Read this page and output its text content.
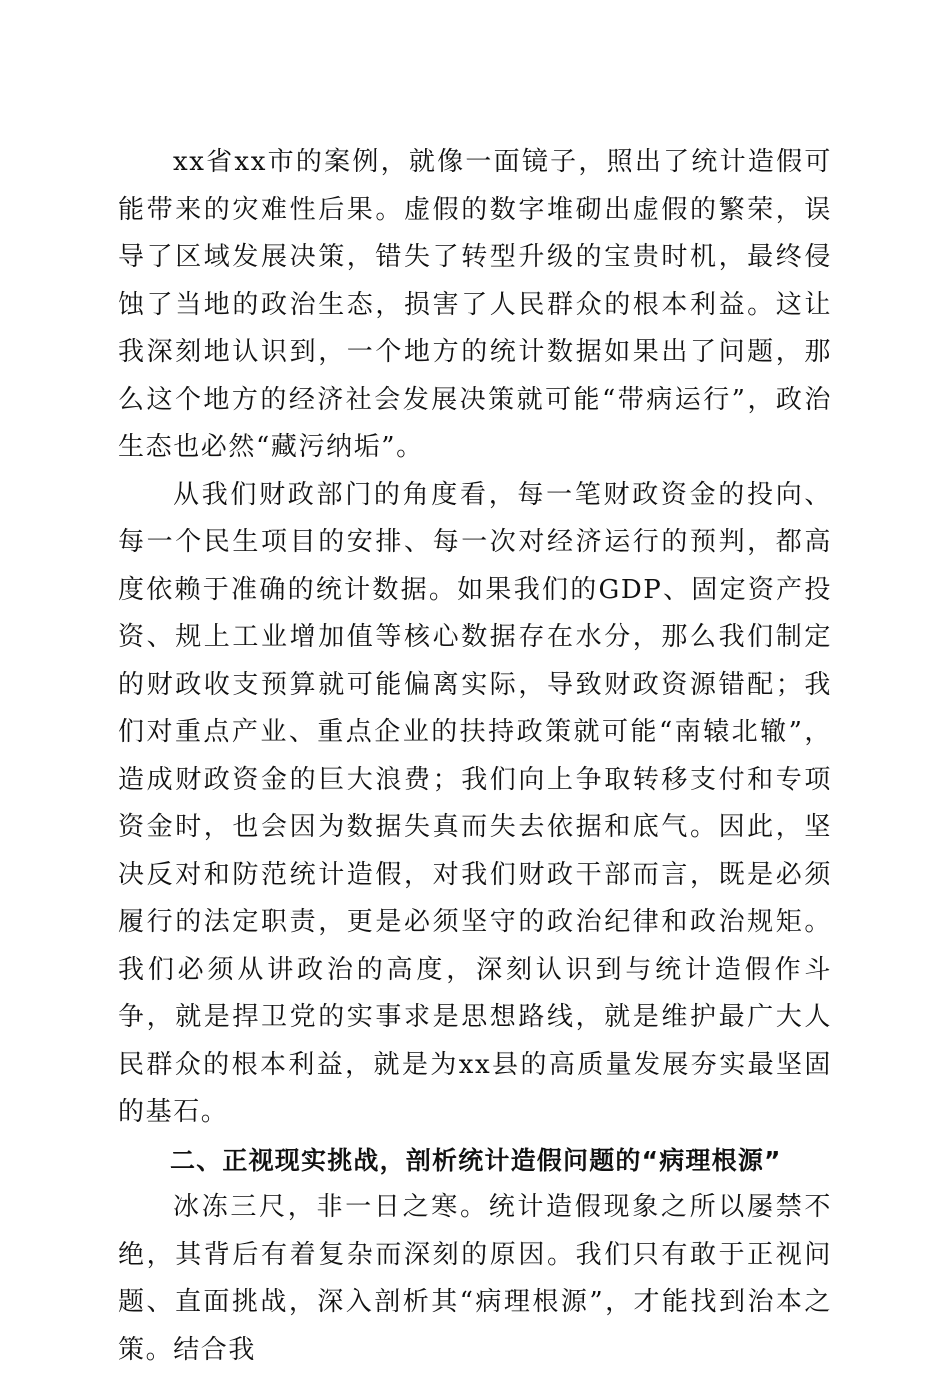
xx省xx市的案例，就像一面镜子，照出了统计造假可能带来的灾难性后果。虚假的数字堆砌出虚假的繁荣，误导了区域发展决策，错失了转型升级的宝贵时机，最终侵蚀了当地的政治生态，损害了人民群众的根本利益。这让我深刻地认识到，一个地方的统计数据如果出了问题，那么这个地方的经济社会发展决策就可能“带病运行”，政治生态也必然“藏污纳垢”。

从我们财政部门的角度看，每一笔财政资金的投向、每一个民生项目的安排、每一次对经济运行的预判，都高度依赖于准确的统计数据。如果我们的GDP、固定资产投资、规上工业增加值等核心数据存在水分，那么我们制定的财政收支预算就可能偏离实际，导致财政资源错配；我们对重点产业、重点企业的扶持政策就可能“南辕北辙”，造成财政资金的巨大浪费；我们向上争取转移支付和专项资金时，也会因为数据失真而失去依据和底气。因此，坚决反对和防范统计造假，对我们财政干部而言，既是必须履行的法定职责，更是必须坚守的政治纪律和政治规矩。我们必须从讲政治的高度，深刻认识到与统计造假作斗争，就是捍卫党的实事求是思想路线，就是维护最广大人民群众的根本利益，就是为xx县的高质量发展夯实最坚固的基石。

二、正视现实挑战，剖析统计造假问题的“病理根源”

冰冻三尺，非一日之寒。统计造假现象之所以屡禁不绝，其背后有着复杂而深刻的原因。我们只有敢于正视问题、直面挑战，深入剖析其“病理根源”，才能找到治本之策。结合我
